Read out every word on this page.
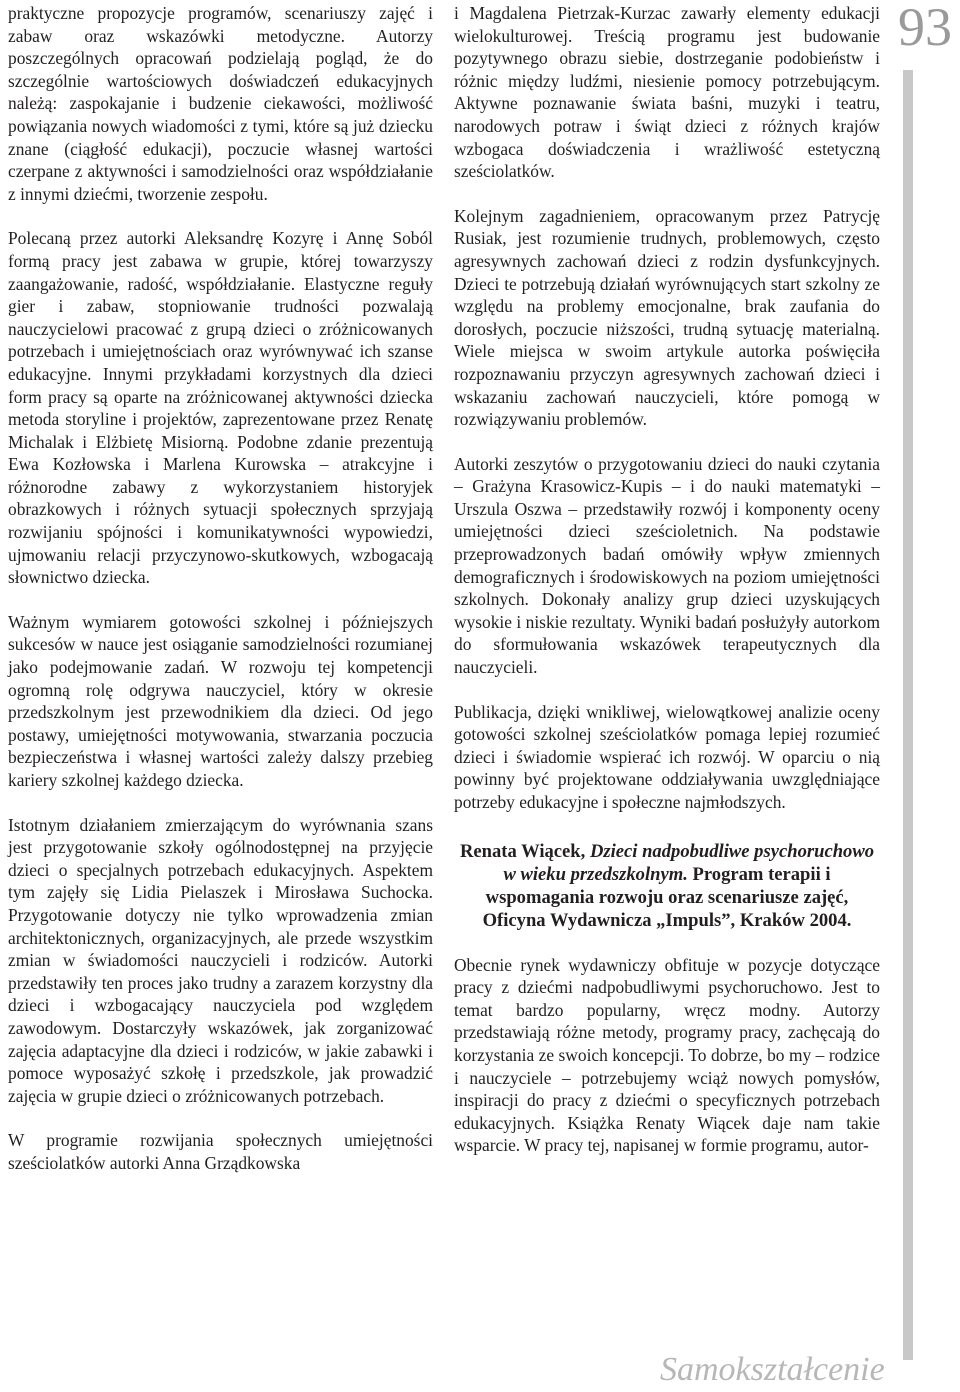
praktyczne propozycje programów, scenariuszy zajęć i zabaw oraz wskazówki metodyczne. Autorzy poszczególnych opracowań podzielają pogląd, że do szczególnie wartościowych doświadczeń edukacyjnych należą: zaspokajanie i budzenie ciekawości, możliwość powiązania nowych wiadomości z tymi, które są już dziecku znane (ciągłość edukacji), poczucie własnej wartości czerpane z aktywności i samodzielności oraz współdziałanie z innymi dziećmi, tworzenie zespołu.

Polecaną przez autorki Aleksandrę Kozyrę i Annę Soból formą pracy jest zabawa w grupie, której towarzyszy zaangażowanie, radość, współdziałanie. Elastyczne reguły gier i zabaw, stopniowanie trudności pozwalają nauczycielowi pracować z grupą dzieci o zróżnicowanych potrzebach i umiejętnościach oraz wyrównywać ich szanse edukacyjne. Innymi przykładami korzystnych dla dzieci form pracy są oparte na zróżnicowanej aktywności dziecka metoda storyline i projektów, zaprezentowane przez Renatę Michalak i Elżbietę Misiorną. Podobne zdanie prezentują Ewa Kozłowska i Marlena Kurowska – atrakcyjne i różnorodne zabawy z wykorzystaniem historyjek obrazkowych i różnych sytuacji społecznych sprzyjają rozwijaniu spójności i komunikatywności wypowiedzi, ujmowaniu relacji przyczynowo-skutkowych, wzbogacają słownictwo dziecka.

Ważnym wymiarem gotowości szkolnej i późniejszych sukcesów w nauce jest osiąganie samodzielności rozumianej jako podejmowanie zadań. W rozwoju tej kompetencji ogromną rolę odgrywa nauczyciel, który w okresie przedszkolnym jest przewodnikiem dla dzieci. Od jego postawy, umiejętności motywowania, stwarzania poczucia bezpieczeństwa i własnej wartości zależy dalszy przebieg kariery szkolnej każdego dziecka.

Istotnym działaniem zmierzającym do wyrównania szans jest przygotowanie szkoły ogólnodostępnej na przyjęcie dzieci o specjalnych potrzebach edukacyjnych. Aspektem tym zajęły się Lidia Pielaszek i Mirosława Suchocka. Przygotowanie dotyczy nie tylko wprowadzenia zmian architektonicznych, organizacyjnych, ale przede wszystkim zmian w świadomości nauczycieli i rodziców. Autorki przedstawiły ten proces jako trudny a zarazem korzystny dla dzieci i wzbogacający nauczyciela pod względem zawodowym. Dostarczyły wskazówek, jak zorganizować zajęcia adaptacyjne dla dzieci i rodziców, w jakie zabawki i pomoce wyposażyć szkołę i przedszkole, jak prowadzić zajęcia w grupie dzieci o zróżnicowanych potrzebach.

W programie rozwijania społecznych umiejętności sześciolatków autorki Anna Grządkowska

i Magdalena Pietrzak-Kurzac zawarły elementy edukacji wielokulturowej. Treścią programu jest budowanie pozytywnego obrazu siebie, dostrzeganie podobieństw i różnic między ludźmi, niesienie pomocy potrzebującym. Aktywne poznawanie świata baśni, muzyki i teatru, narodowych potraw i świąt dzieci z różnych krajów wzbogaca doświadczenia i wrażliwość estetyczną sześciolatków.

Kolejnym zagadnieniem, opracowanym przez Patrycję Rusiak, jest rozumienie trudnych, problemowych, często agresywnych zachowań dzieci z rodzin dysfunkcyjnych. Dzieci te potrzebują działań wyrównujących start szkolny ze względu na problemy emocjonalne, brak zaufania do dorosłych, poczucie niższości, trudną sytuację materialną. Wiele miejsca w swoim artykule autorka poświęciła rozpoznawaniu przyczyn agresywnych zachowań dzieci i wskazaniu zachowań nauczycieli, które pomogą w rozwiązywaniu problemów.

Autorki zeszytów o przygotowaniu dzieci do nauki czytania – Grażyna Krasowicz-Kupis – i do nauki matematyki – Urszula Oszwa – przedstawiły rozwój i komponenty oceny umiejętności dzieci sześcioletnich. Na podstawie przeprowadzonych badań omówiły wpływ zmiennych demograficznych i środowiskowych na poziom umiejętności szkolnych. Dokonały analizy grup dzieci uzyskujących wysokie i niskie rezultaty. Wyniki badań posłużyły autorkom do sformułowania wskazówek terapeutycznych dla nauczycieli.

Publikacja, dzięki wnikliwej, wielowątkowej analizie oceny gotowości szkolnej sześciolatków pomaga lepiej rozumieć dzieci i świadomie wspierać ich rozwój. W oparciu o nią powinny być projektowane oddziaływania uwzględniające potrzeby edukacyjne i społeczne najmłodszych.

Renata Wiącek, Dzieci nadpobudliwe psychoruchowo w wieku przedszkolnym. Program terapii i wspomagania rozwoju oraz scenariusze zajęć, Oficyna Wydawnicza „Impuls”, Kraków 2004.

Obecnie rynek wydawniczy obfituje w pozycje dotyczące pracy z dziećmi nadpobudliwymi psychoruchowo. Jest to temat bardzo popularny, wręcz modny. Autorzy przedstawiają różne metody, programy pracy, zachęcają do korzystania ze swoich koncepcji. To dobrze, bo my – rodzice i nauczyciele – potrzebujemy wciąż nowych pomysłów, inspiracji do pracy z dziećmi o specyficznych potrzebach edukacyjnych. Książka Renaty Wiącek daje nam takie wsparcie. W pracy tej, napisanej w formie programu, autor-

93
Samokształcenie
